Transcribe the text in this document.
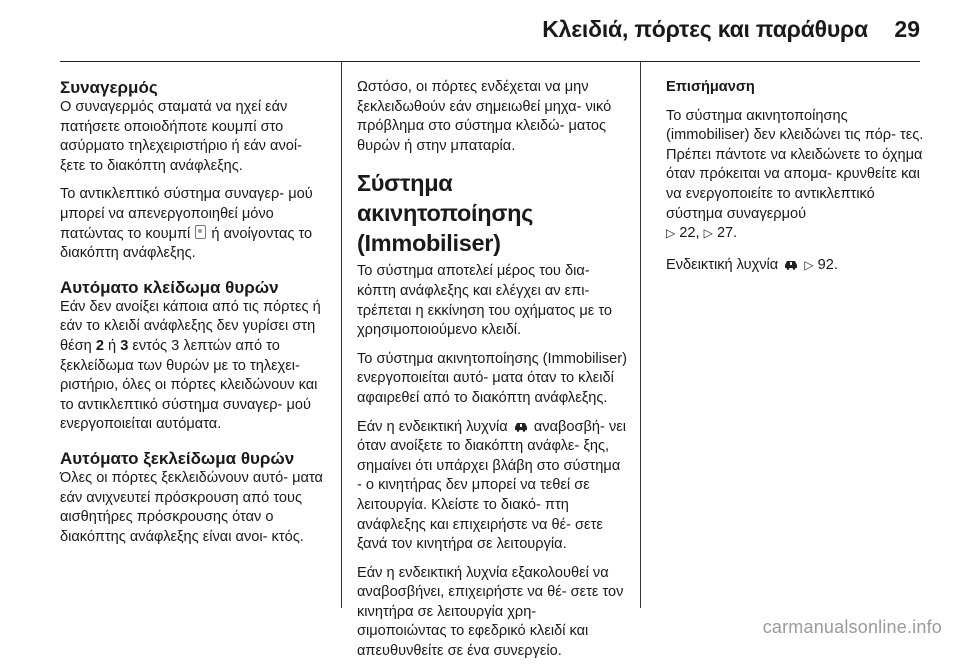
Κλειδιά, πόρτες και παράθυρα 29
Συναγερμός

Ο συναγερμός σταματά να ηχεί εάν πατήσετε οποιοδήποτε κουμπί στο ασύρματο τηλεχειριστήριο ή εάν ανοί- ξετε το διακόπτη ανάφλεξης.

Το αντικλεπτικό σύστημα συναγερ- μού μπορεί να απενεργοποιηθεί μόνο πατώντας το κουμπί ή ανοίγοντας το διακόπτη ανάφλεξης.

Αυτόματο κλείδωμα θυρών

Εάν δεν ανοίξει κάποια από τις πόρτες ή εάν το κλειδί ανάφλεξης δεν γυρίσει στη θέση 2 ή 3 εντός 3 λεπτών από το ξεκλείδωμα των θυρών με το τηλεχει- ριστήριο, όλες οι πόρτες κλειδώνουν και το αντικλεπτικό σύστημα συναγερ- μού ενεργοποιείται αυτόματα.

Αυτόματο ξεκλείδωμα θυρών

Όλες οι πόρτες ξεκλειδώνουν αυτό- ματα εάν ανιχνευτεί πρόσκρουση από τους αισθητήρες πρόσκρουσης όταν ο διακόπτης ανάφλεξης είναι ανοι- κτός.

Ωστόσο, οι πόρτες ενδέχεται να μην ξεκλειδωθούν εάν σημειωθεί μηχα- νικό πρόβλημα στο σύστημα κλειδώ- ματος θυρών ή στην μπαταρία.

Σύστημα ακινητοποίησης (Immobiliser)

Το σύστημα αποτελεί μέρος του δια- κόπτη ανάφλεξης και ελέγχει αν επι- τρέπεται η εκκίνηση του οχήματος με το χρησιμοποιούμενο κλειδί.

Το σύστημα ακινητοποίησης (Immobiliser) ενεργοποιείται αυτό- ματα όταν το κλειδί αφαιρεθεί από το διακόπτη ανάφλεξης.

Εάν η ενδεικτική λυχνία αναβοσβή- νει όταν ανοίξετε το διακόπτη ανάφλε- ξης, σημαίνει ότι υπάρχει βλάβη στο σύστημα - ο κινητήρας δεν μπορεί να τεθεί σε λειτουργία. Κλείστε το διακό- πτη ανάφλεξης και επιχειρήστε να θέ- σετε ξανά τον κινητήρα σε λειτουργία.

Εάν η ενδεικτική λυχνία εξακολουθεί να αναβοσβήνει, επιχειρήστε να θέ- σετε τον κινητήρα σε λειτουργία χρη- σιμοποιώντας το εφεδρικό κλειδί και απευθυνθείτε σε ένα συνεργείο.

Επισήμανση

Το σύστημα ακινητοποίησης (immobiliser) δεν κλειδώνει τις πόρ- τες. Πρέπει πάντοτε να κλειδώνετε το όχημα όταν πρόκειται να απομα- κρυνθείτε και να ενεργοποιείτε το αντικλεπτικό σύστημα συναγερμού
▷ 22, ▷ 27.

Ενδεικτική λυχνία ▷ 92.

carmanualsonline.info
